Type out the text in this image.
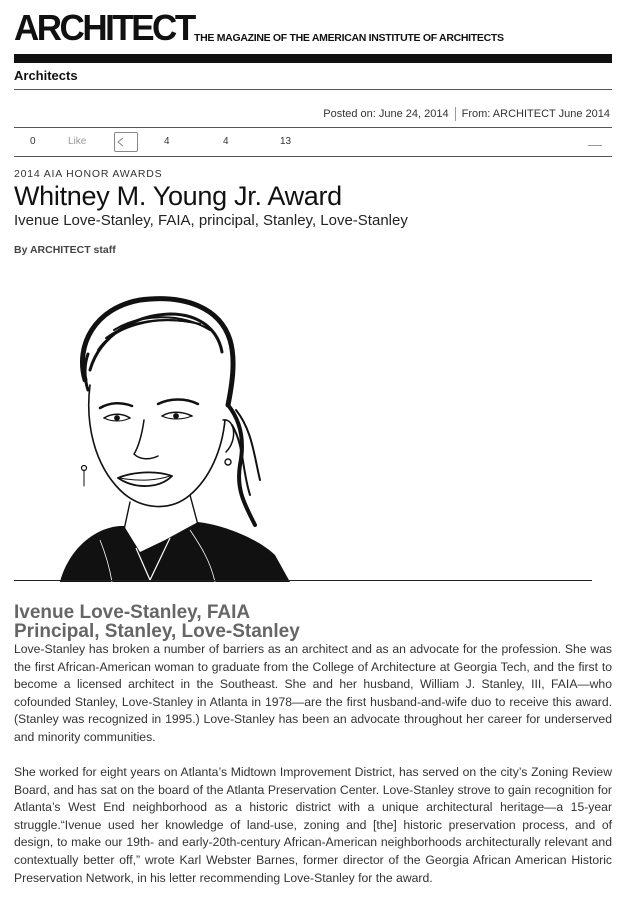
ARCHITECT THE MAGAZINE OF THE AMERICAN INSTITUTE OF ARCHITECTS
Architects
Posted on: June 24, 2014 From: ARCHITECT June 2014
0	Like	4	4	13
2014 AIA HONOR AWARDS
Whitney M. Young Jr. Award
Ivenue Love-Stanley, FAIA, principal, Stanley, Love-Stanley
By ARCHITECT staff
Ivenue Love-Stanley, FAIA
Principal, Stanley, Love-Stanley

Love-Stanley has broken a number of barriers as an architect and as an advocate for the profession. She was the first African-American woman to graduate from the College of Architecture at Georgia Tech, and the first to become a licensed architect in the Southeast. She and her husband, William J. Stanley, III, FAIA—who cofounded Stanley, Love-Stanley in Atlanta in 1978—are the first husband-and-wife duo to receive this award. (Stanley was recognized in 1995.) Love-Stanley has been an advocate throughout her career for underserved and minority communities.

She worked for eight years on Atlanta’s Midtown Improvement District, has served on the city’s Zoning Review Board, and has sat on the board of the Atlanta Preservation Center. Love-Stanley strove to gain recognition for Atlanta’s West End neighborhood as a historic district with a unique architectural heritage—a 15-year struggle.“Ivenue used her knowledge of land-use, zoning and [the] historic preservation process, and of design, to make our 19th- and early-20th-century African-American neighborhoods architecturally relevant and contextually better off,” wrote Karl Webster Barnes, former director of the Georgia African American Historic Preservation Network, in his letter recommending Love-Stanley for the award.
